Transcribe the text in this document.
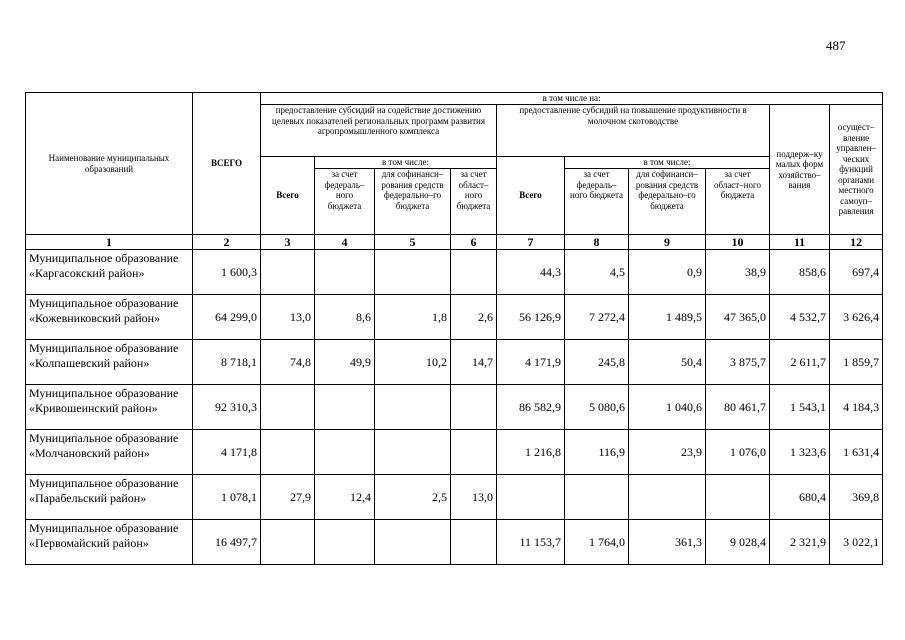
487
Наименование муниципальных образований	ВСЕГО	в том числе на:									
		предоставление субсидий на содействие достижению целевых показателей региональных программ развития агропромышленного комплекса				предоставление субсидий на повышение продуктивности в молочном скотоводстве				поддерж–ку малых форм хозяйство–вания	осущест–вление управлен–ческих функций органами местного самоуп–равления
		Всего	в том числе:			Всего	в том числе:				
			за счет федераль–ного бюджета	для софинанси–рования средств федерально–го бюджета	за счет област–ного бюджета		за счет федераль–ного бюджета	для софинанси–рования средств федерально–го бюджета	за счет област–ного бюджета		
1	2	3	4	5	6	7	8	9	10	11	12
Муниципальное образование «Каргасокский район»	1 600,3					44,3	4,5	0,9	38,9	858,6	697,4
Муниципальное образование «Кожевниковский район»	64 299,0	13,0	8,6	1,8	2,6	56 126,9	7 272,4	1 489,5	47 365,0	4 532,7	3 626,4
Муниципальное образование «Колпашевский район»	8 718,1	74,8	49,9	10,2	14,7	4 171,9	245,8	50,4	3 875,7	2 611,7	1 859,7
Муниципальное образование «Кривошеинский район»	92 310,3					86 582,9	5 080,6	1 040,6	80 461,7	1 543,1	4 184,3
Муниципальное образование «Молчановский район»	4 171,8					1 216,8	116,9	23,9	1 076,0	1 323,6	1 631,4
Муниципальное образование «Парабельский район»	1 078,1	27,9	12,4	2,5	13,0					680,4	369,8
Муниципальное образование «Первомайский район»	16 497,7					11 153,7	1 764,0	361,3	9 028,4	2 321,9	3 022,1
